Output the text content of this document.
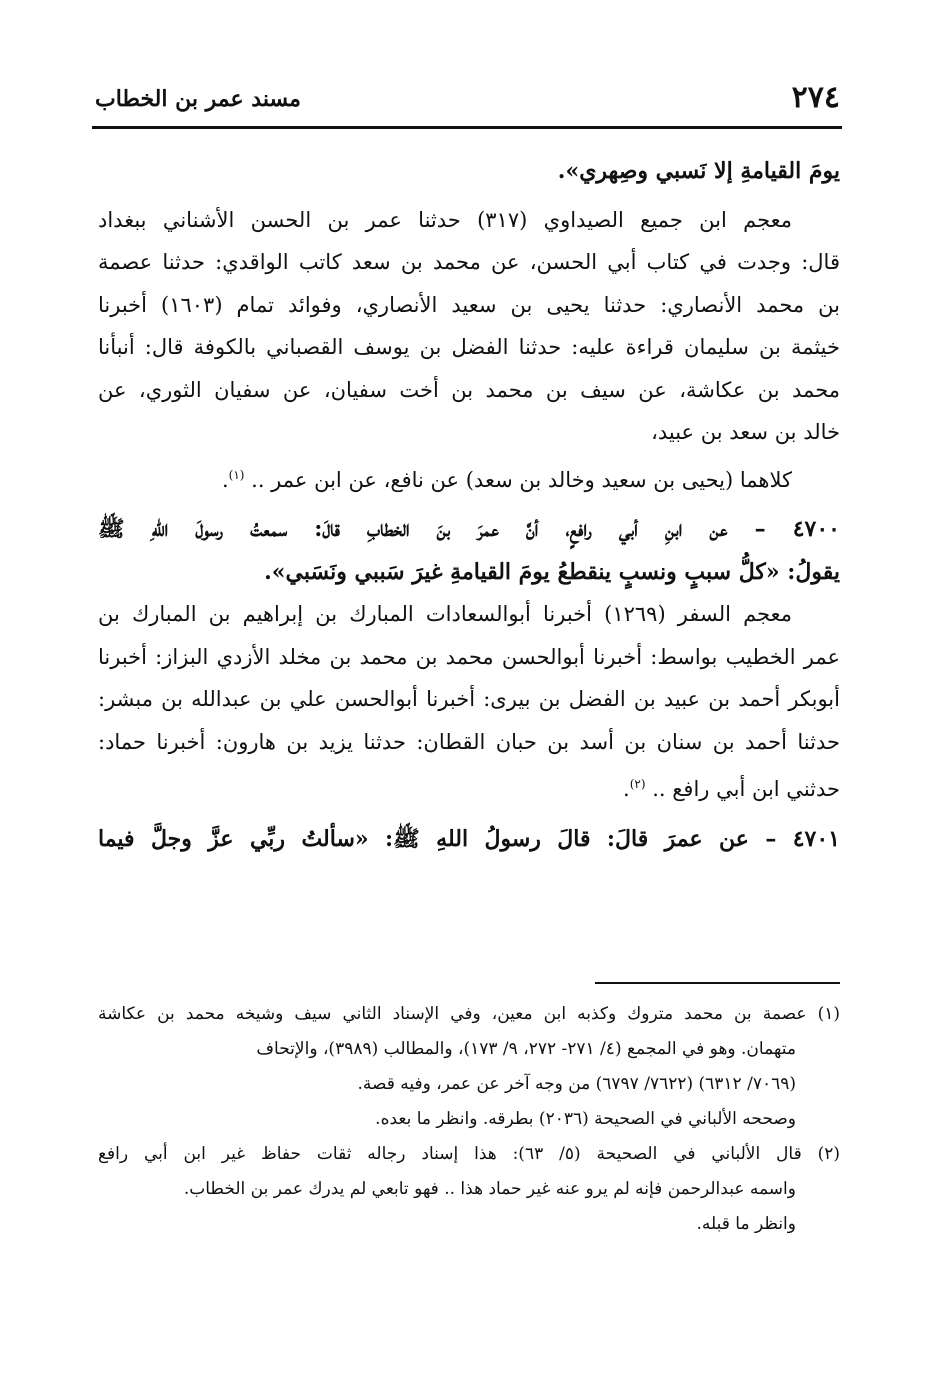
٢٧٤
مسند عمر بن الخطاب
يومَ القيامةِ إلا نَسبي وصِهري».
معجم ابن جميع الصيداوي (٣١٧) حدثنا عمر بن الحسن الأشناني ببغداد
قال: وجدت في كتاب أبي الحسن، عن محمد بن سعد كاتب الواقدي: حدثنا عصمة
بن محمد الأنصاري: حدثنا يحيى بن سعيد الأنصاري، وفوائد تمام (١٦٠٣) أخبرنا
خيثمة بن سليمان قراءة عليه: حدثنا الفضل بن يوسف القصباني بالكوفة قال: أنبأنا
محمد بن عكاشة، عن سيف بن محمد بن أخت سفيان، عن سفيان الثوري، عن
خالد بن سعد بن عبيد،
كلاهما (يحيى بن سعيد وخالد بن سعد) عن نافع، عن ابن عمر .. $^{(١)}$.
٤٧٠٠ – عن ابنِ أبي رافعٍ، أنَّ عمرَ بنَ الخطابِ قالَ: سمعتُ رسولَ اللهِ ﷺ
يقولُ: «كلُّ سببٍ ونسبٍ ينقطعُ يومَ القيامةِ غيرَ سَببي ونَسَبي».
معجم السفر (١٢٦٩) أخبرنا أبوالسعادات المبارك بن إبراهيم بن المبارك بن
عمر الخطيب بواسط: أخبرنا أبوالحسن محمد بن محمد بن مخلد الأزدي البزاز: أخبرنا
أبوبكر أحمد بن عبيد بن الفضل بن بيرى: أخبرنا أبوالحسن علي بن عبدالله بن مبشر:
حدثنا أحمد بن سنان بن أسد بن حبان القطان: حدثنا يزيد بن هارون: أخبرنا حماد:
حدثني ابن أبي رافع .. $^{(٢)}$.
٤٧٠١ – عن عمرَ قالَ: قالَ رسولُ اللهِ ﷺ: «سألتُ ربِّي عزَّ وجلَّ فيما
(١) عصمة بن محمد متروك وكذبه ابن معين، وفي الإسناد الثاني سيف وشيخه محمد بن عكاشة
متهمان. وهو في المجمع (٤/ ٢٧١- ٢٧٢، ٩/ ١٧٣)، والمطالب (٣٩٨٩)، والإتحاف
(٧٠٦٩/ ٦٣١٢) (٧٦٢٢/ ٦٧٩٧) من وجه آخر عن عمر، وفيه قصة.
وصححه الألباني في الصحيحة (٢٠٣٦) بطرقه. وانظر ما بعده.
(٢) قال الألباني في الصحيحة (٥/ ٦٣): هذا إسناد رجاله ثقات حفاظ غير ابن أبي رافع
واسمه عبدالرحمن فإنه لم يرو عنه غير حماد هذا .. فهو تابعي لم يدرك عمر بن الخطاب.
وانظر ما قبله.
